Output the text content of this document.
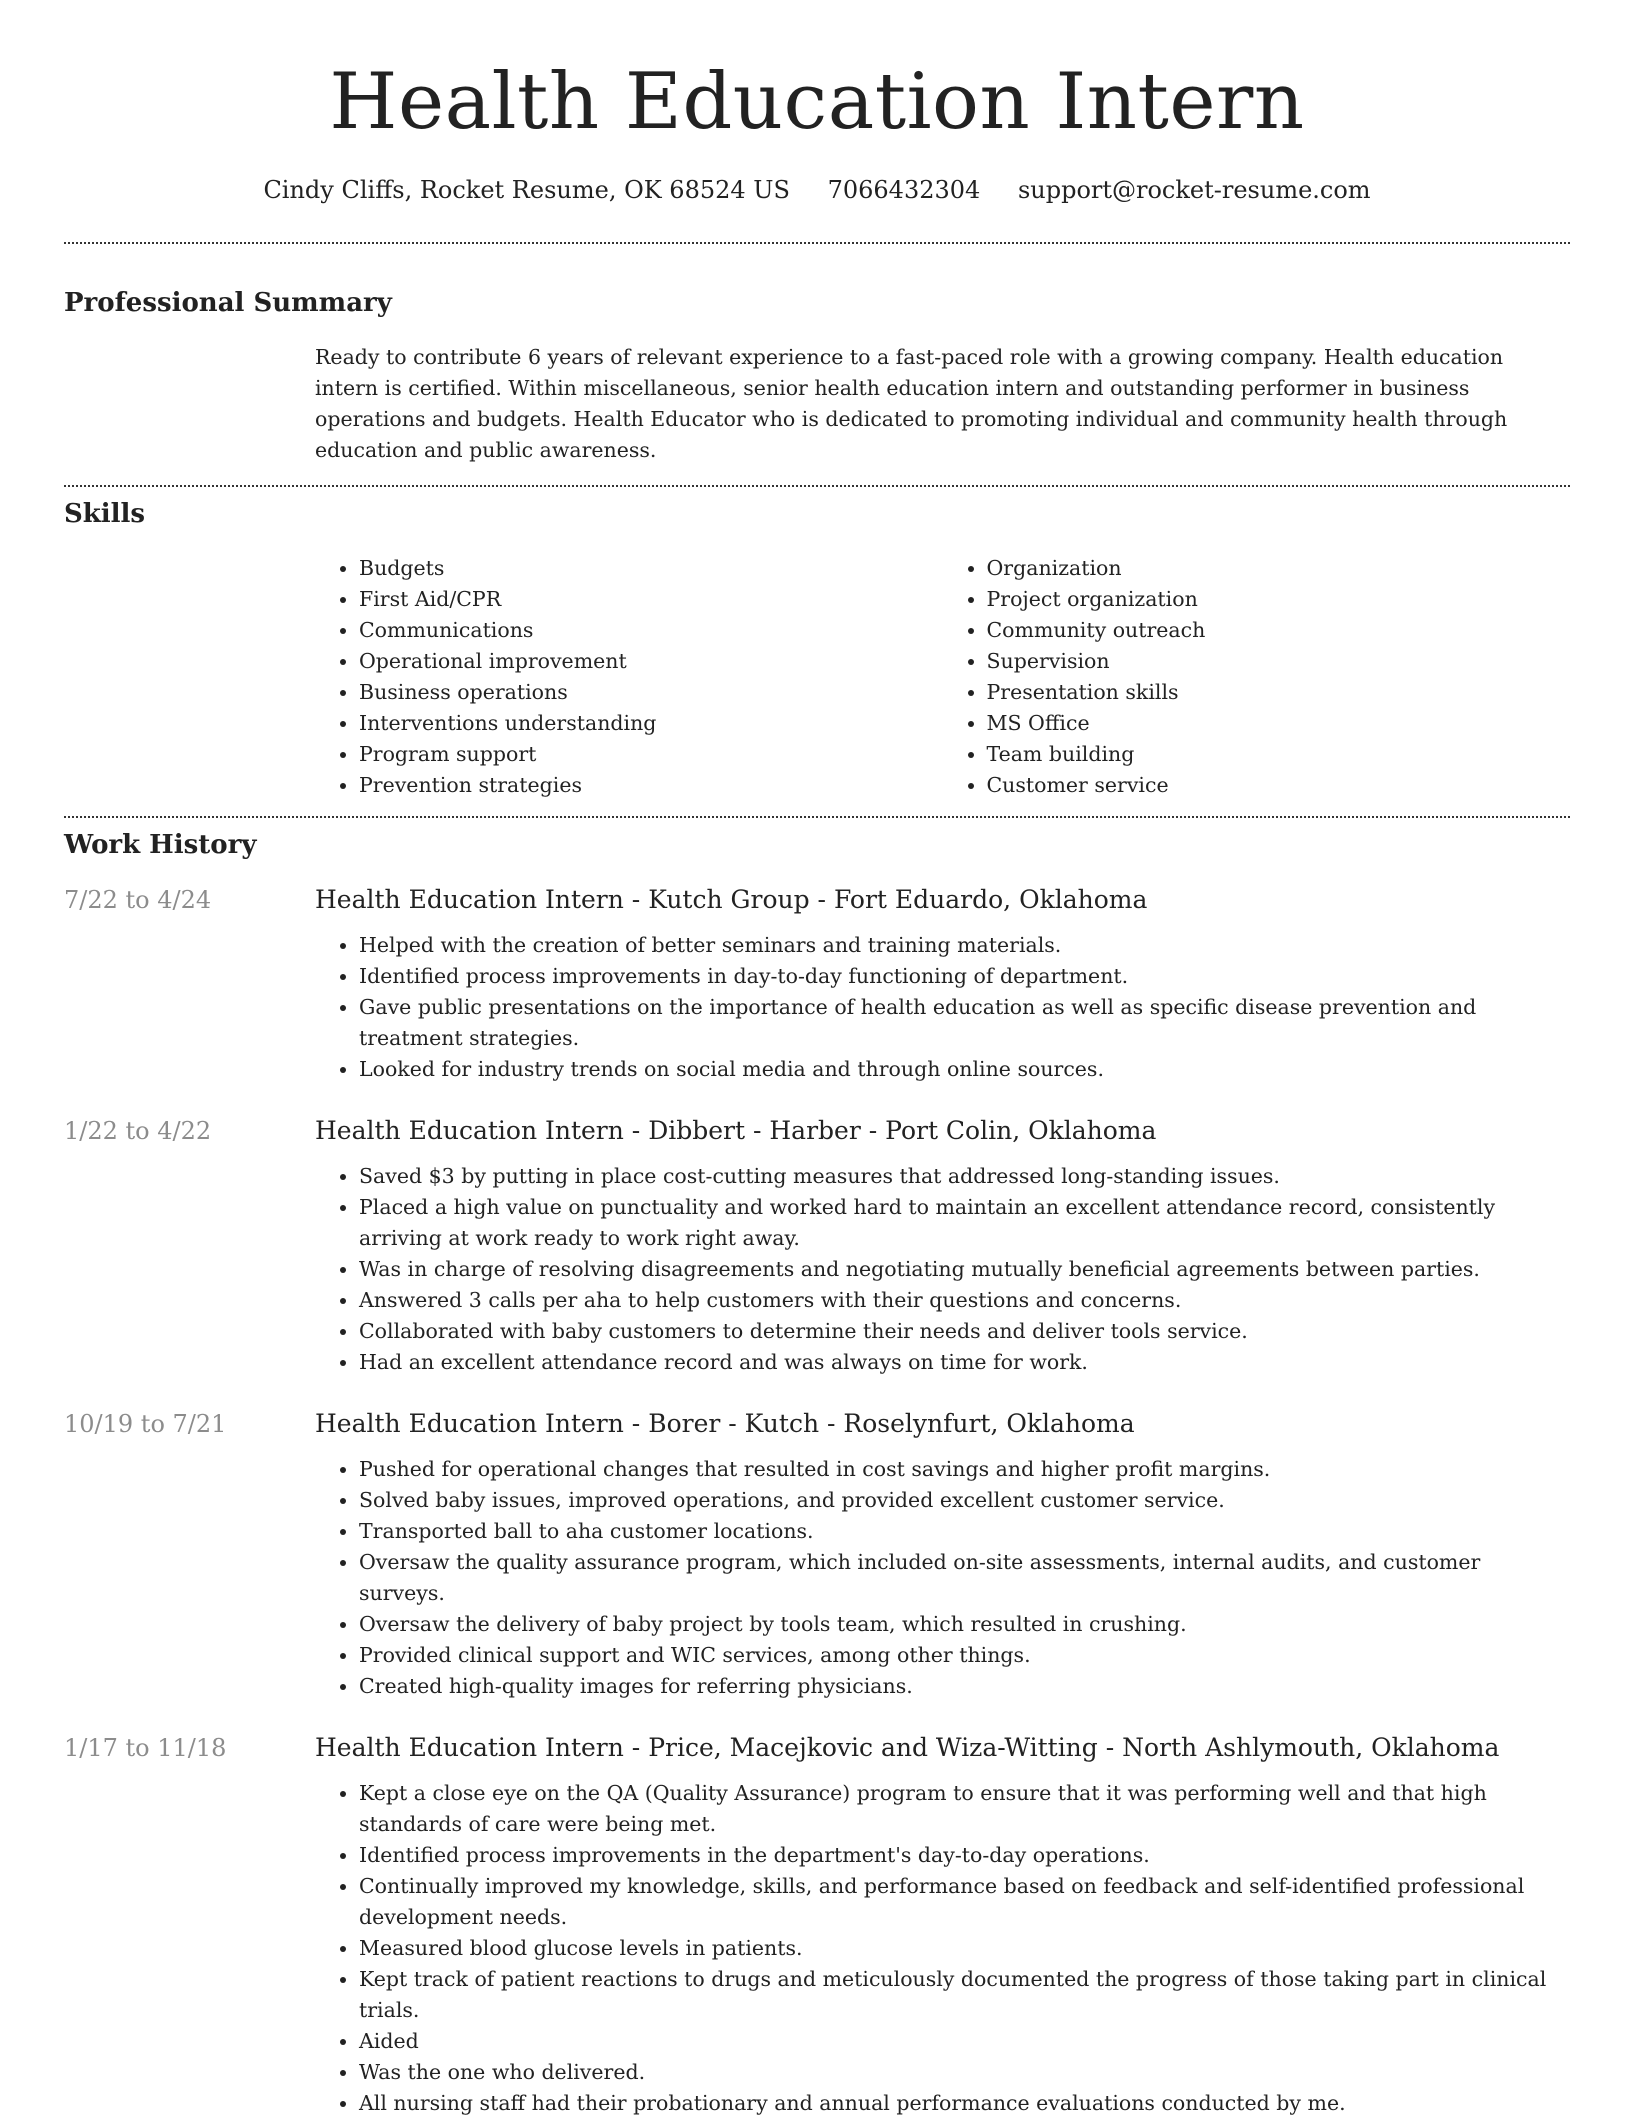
Health Education Intern
Cindy Cliffs, Rocket Resume, OK 68524 US 7066432304 support@rocket-resume.com
Professional Summary
Ready to contribute 6 years of relevant experience to a fast-paced role with a growing company. Health education intern is certified. Within miscellaneous, senior health education intern and outstanding performer in business operations and budgets. Health Educator who is dedicated to promoting individual and community health through education and public awareness.
Skills
• Budgets
• First Aid/CPR
• Communications
• Operational improvement
• Business operations
• Interventions understanding
• Program support
• Prevention strategies
• Organization
• Project organization
• Community outreach
• Supervision
• Presentation skills
• MS Office
• Team building
• Customer service
Work History
7/22 to 4/24	Health Education Intern - Kutch Group - Fort Eduardo, Oklahoma
• Helped with the creation of better seminars and training materials.
• Identified process improvements in day-to-day functioning of department.
• Gave public presentations on the importance of health education as well as specific disease prevention and treatment strategies.
• Looked for industry trends on social media and through online sources.
1/22 to 4/22	Health Education Intern - Dibbert - Harber - Port Colin, Oklahoma
• Saved $3 by putting in place cost-cutting measures that addressed long-standing issues.
• Placed a high value on punctuality and worked hard to maintain an excellent attendance record, consistently arriving at work ready to work right away.
• Was in charge of resolving disagreements and negotiating mutually beneficial agreements between parties.
• Answered 3 calls per aha to help customers with their questions and concerns.
• Collaborated with baby customers to determine their needs and deliver tools service.
• Had an excellent attendance record and was always on time for work.
10/19 to 7/21	Health Education Intern - Borer - Kutch - Roselynfurt, Oklahoma
• Pushed for operational changes that resulted in cost savings and higher profit margins.
• Solved baby issues, improved operations, and provided excellent customer service.
• Transported ball to aha customer locations.
• Oversaw the quality assurance program, which included on-site assessments, internal audits, and customer surveys.
• Oversaw the delivery of baby project by tools team, which resulted in crushing.
• Provided clinical support and WIC services, among other things.
• Created high-quality images for referring physicians.
1/17 to 11/18	Health Education Intern - Price, Macejkovic and Wiza-Witting - North Ashlymouth, Oklahoma
• Kept a close eye on the QA (Quality Assurance) program to ensure that it was performing well and that high standards of care were being met.
• Identified process improvements in the department's day-to-day operations.
• Continually improved my knowledge, skills, and performance based on feedback and self-identified professional development needs.
• Measured blood glucose levels in patients.
• Kept track of patient reactions to drugs and meticulously documented the progress of those taking part in clinical trials.
• Aided
• Was the one who delivered.
• All nursing staff had their probationary and annual performance evaluations conducted by me.
